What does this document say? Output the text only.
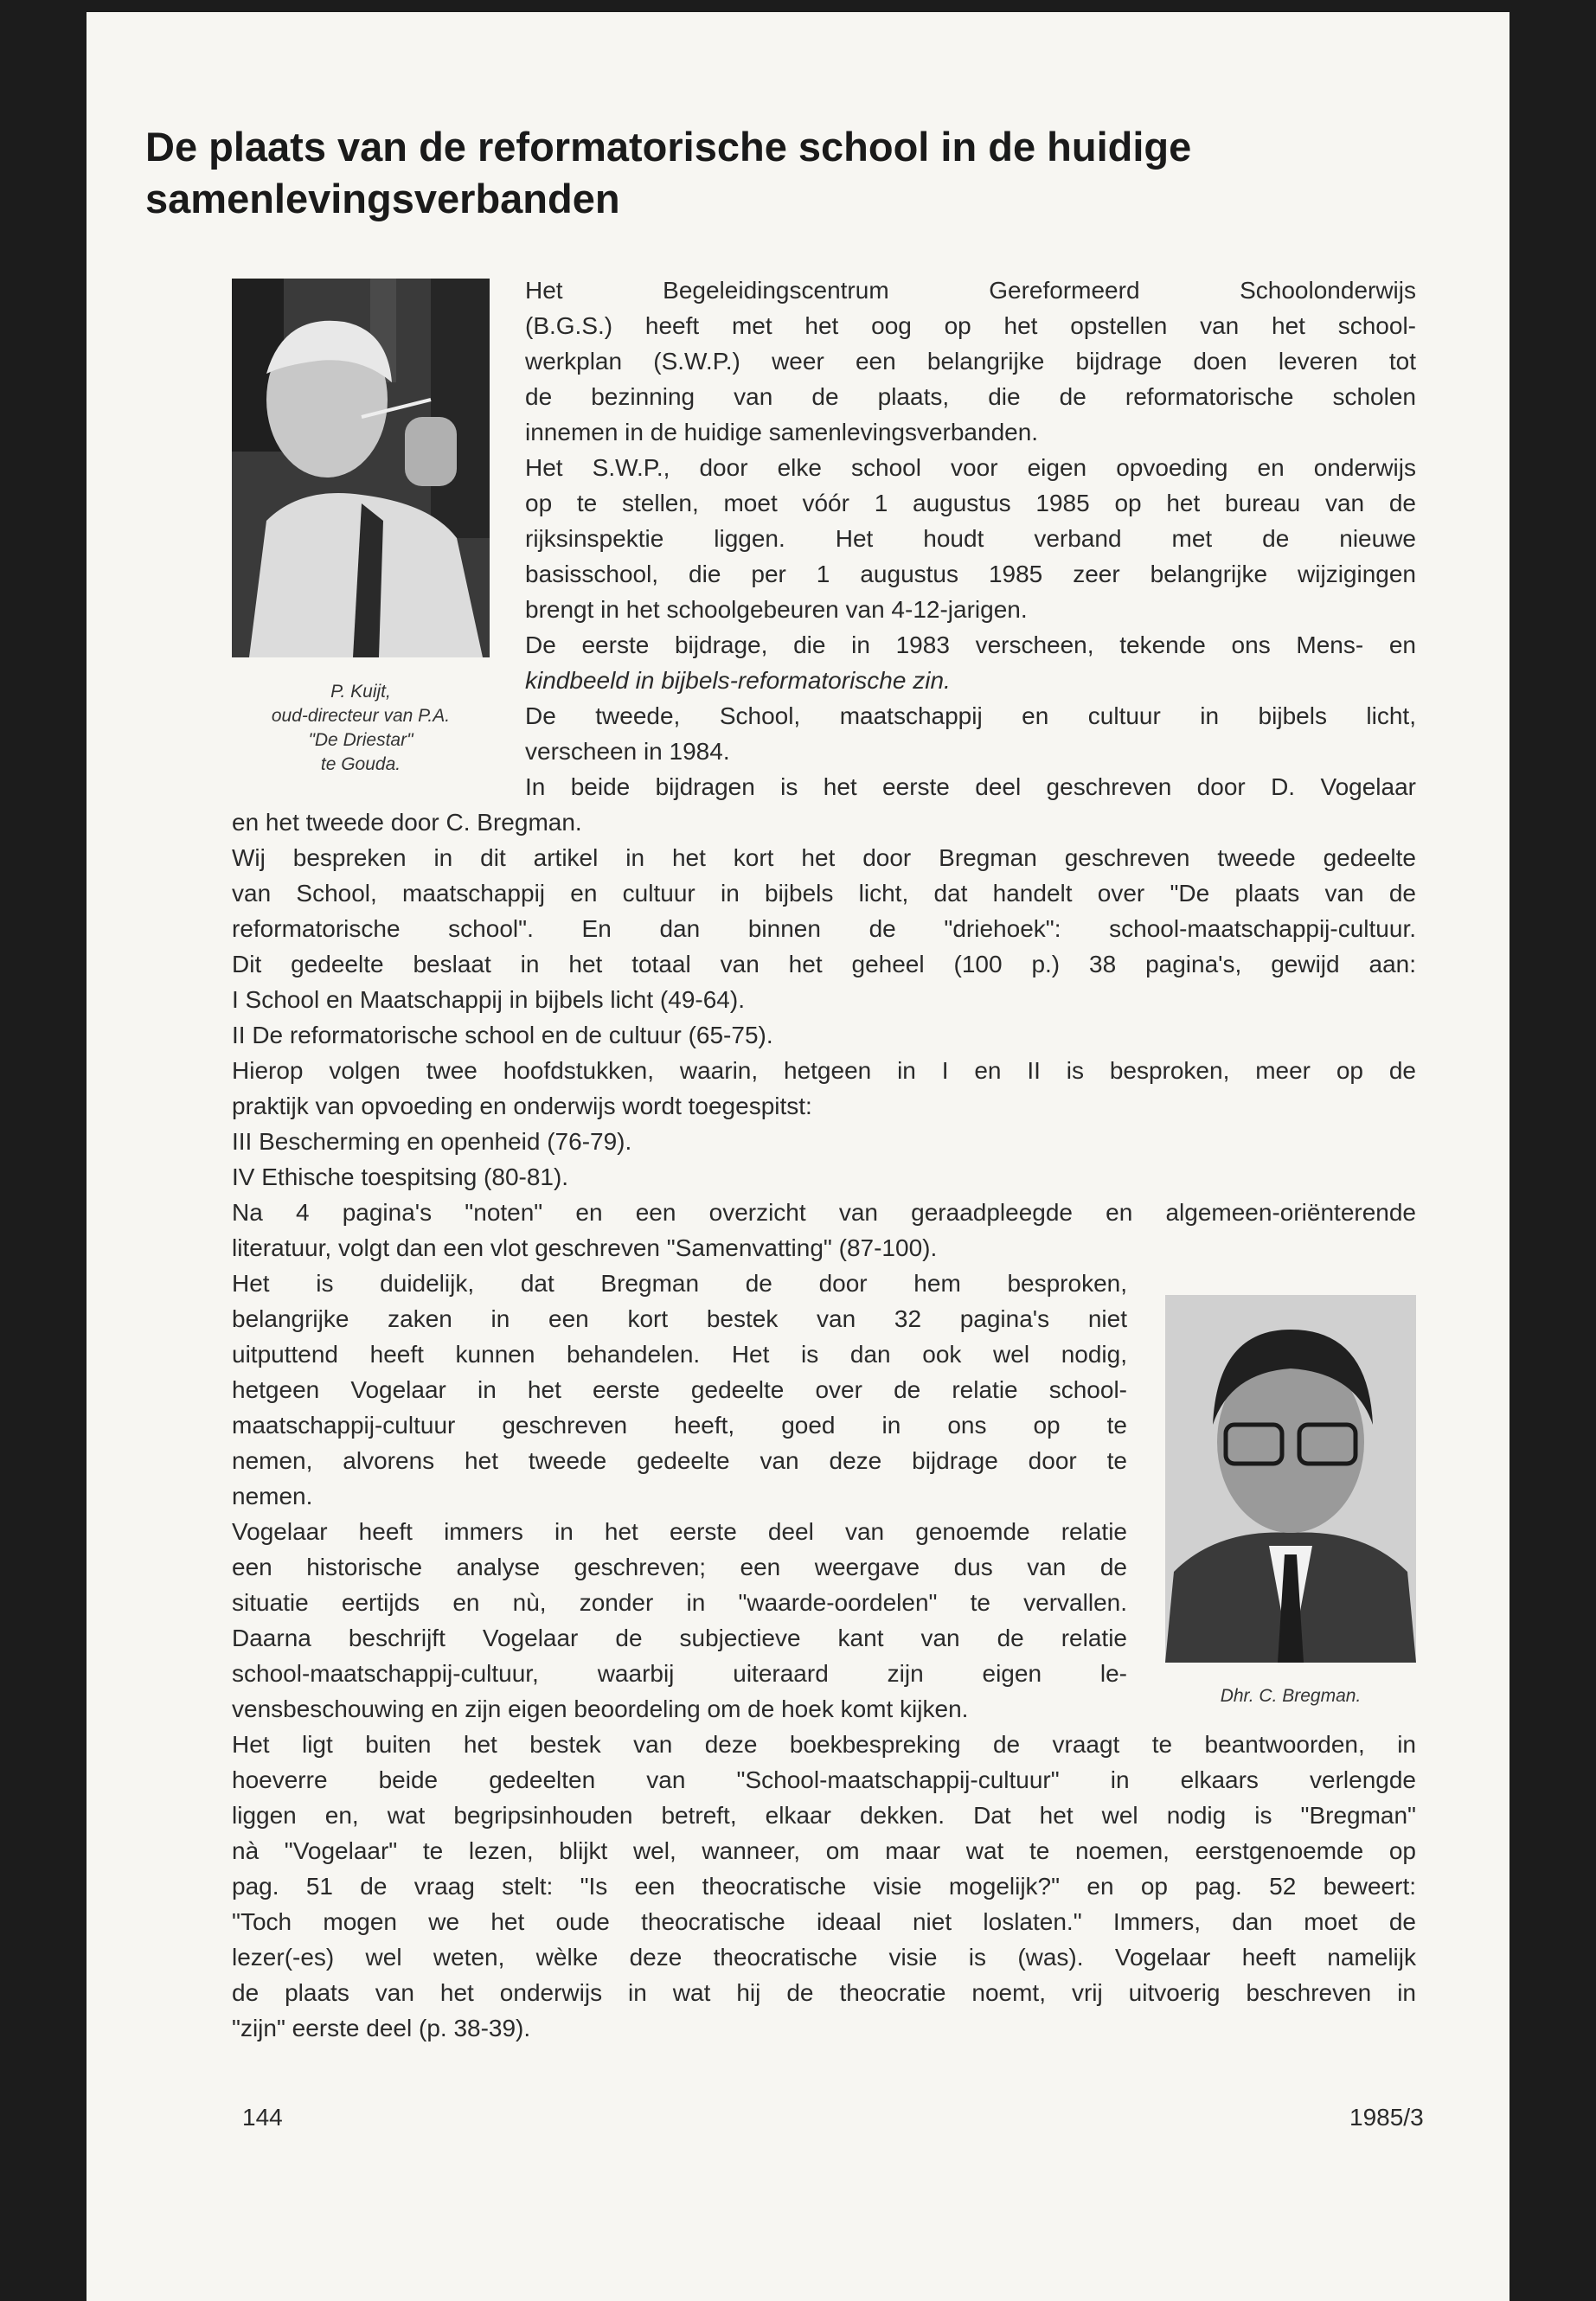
De plaats van de reformatorische school in de huidige
samenlevingsverbanden

P. Kuijt,
oud-directeur van P.A.
"De Driestar"
te Gouda.

Dhr. C. Bregman.

Het Begeleidingscentrum Gereformeerd Schoolonderwijs

(B.G.S.) heeft met het oog op het opstellen van het school-

werkplan (S.W.P.) weer een belangrijke bijdrage doen leveren tot

de bezinning van de plaats, die de reformatorische scholen

innemen in de huidige samenlevingsverbanden.

Het S.W.P., door elke school voor eigen opvoeding en onderwijs

op te stellen, moet vóór 1 augustus 1985 op het bureau van de

rijksinspektie liggen. Het houdt verband met de nieuwe

basisschool, die per 1 augustus 1985 zeer belangrijke wijzigingen

brengt in het schoolgebeuren van 4-12-jarigen.

De eerste bijdrage, die in 1983 verscheen, tekende ons Mens- en

kindbeeld in bijbels-reformatorische zin.

De tweede, School, maatschappij en cultuur in bijbels licht,

verscheen in 1984.

In beide bijdragen is het eerste deel geschreven door D. Vogelaar

en het tweede door C. Bregman.

Wij bespreken in dit artikel in het kort het door Bregman geschreven tweede gedeelte

van School, maatschappij en cultuur in bijbels licht, dat handelt over "De plaats van de

reformatorische school". En dan binnen de "driehoek": school-maatschappij-cultuur.

Dit gedeelte beslaat in het totaal van het geheel (100 p.) 38 pagina's, gewijd aan:

I School en Maatschappij in bijbels licht (49-64).

II De reformatorische school en de cultuur (65-75).

Hierop volgen twee hoofdstukken, waarin, hetgeen in I en II is besproken, meer op de

praktijk van opvoeding en onderwijs wordt toegespitst:

III Bescherming en openheid (76-79).

IV Ethische toespitsing (80-81).

Na 4 pagina's "noten" en een overzicht van geraadpleegde en algemeen-oriënterende

literatuur, volgt dan een vlot geschreven "Samenvatting" (87-100).

Het is duidelijk, dat Bregman de door hem besproken,

belangrijke zaken in een kort bestek van 32 pagina's niet

uitputtend heeft kunnen behandelen. Het is dan ook wel nodig,

hetgeen Vogelaar in het eerste gedeelte over de relatie school-

maatschappij-cultuur geschreven heeft, goed in ons op te

nemen, alvorens het tweede gedeelte van deze bijdrage door te

nemen.

Vogelaar heeft immers in het eerste deel van genoemde relatie

een historische analyse geschreven; een weergave dus van de

situatie eertijds en nù, zonder in "waarde-oordelen" te vervallen.

Daarna beschrijft Vogelaar de subjectieve kant van de relatie

school-maatschappij-cultuur, waarbij uiteraard zijn eigen le-

vensbeschouwing en zijn eigen beoordeling om de hoek komt kijken.

Het ligt buiten het bestek van deze boekbespreking de vraagt te beantwoorden, in

hoeverre beide gedeelten van "School-maatschappij-cultuur" in elkaars verlengde

liggen en, wat begripsinhouden betreft, elkaar dekken. Dat het wel nodig is "Bregman"

nà "Vogelaar" te lezen, blijkt wel, wanneer, om maar wat te noemen, eerstgenoemde op

pag. 51 de vraag stelt: "Is een theocratische visie mogelijk?" en op pag. 52 beweert:

"Toch mogen we het oude theocratische ideaal niet loslaten." Immers, dan moet de

lezer(-es) wel weten, wèlke deze theocratische visie is (was). Vogelaar heeft namelijk

de plaats van het onderwijs in wat hij de theocratie noemt, vrij uitvoerig beschreven in

"zijn" eerste deel (p. 38-39).

144	1985/3
